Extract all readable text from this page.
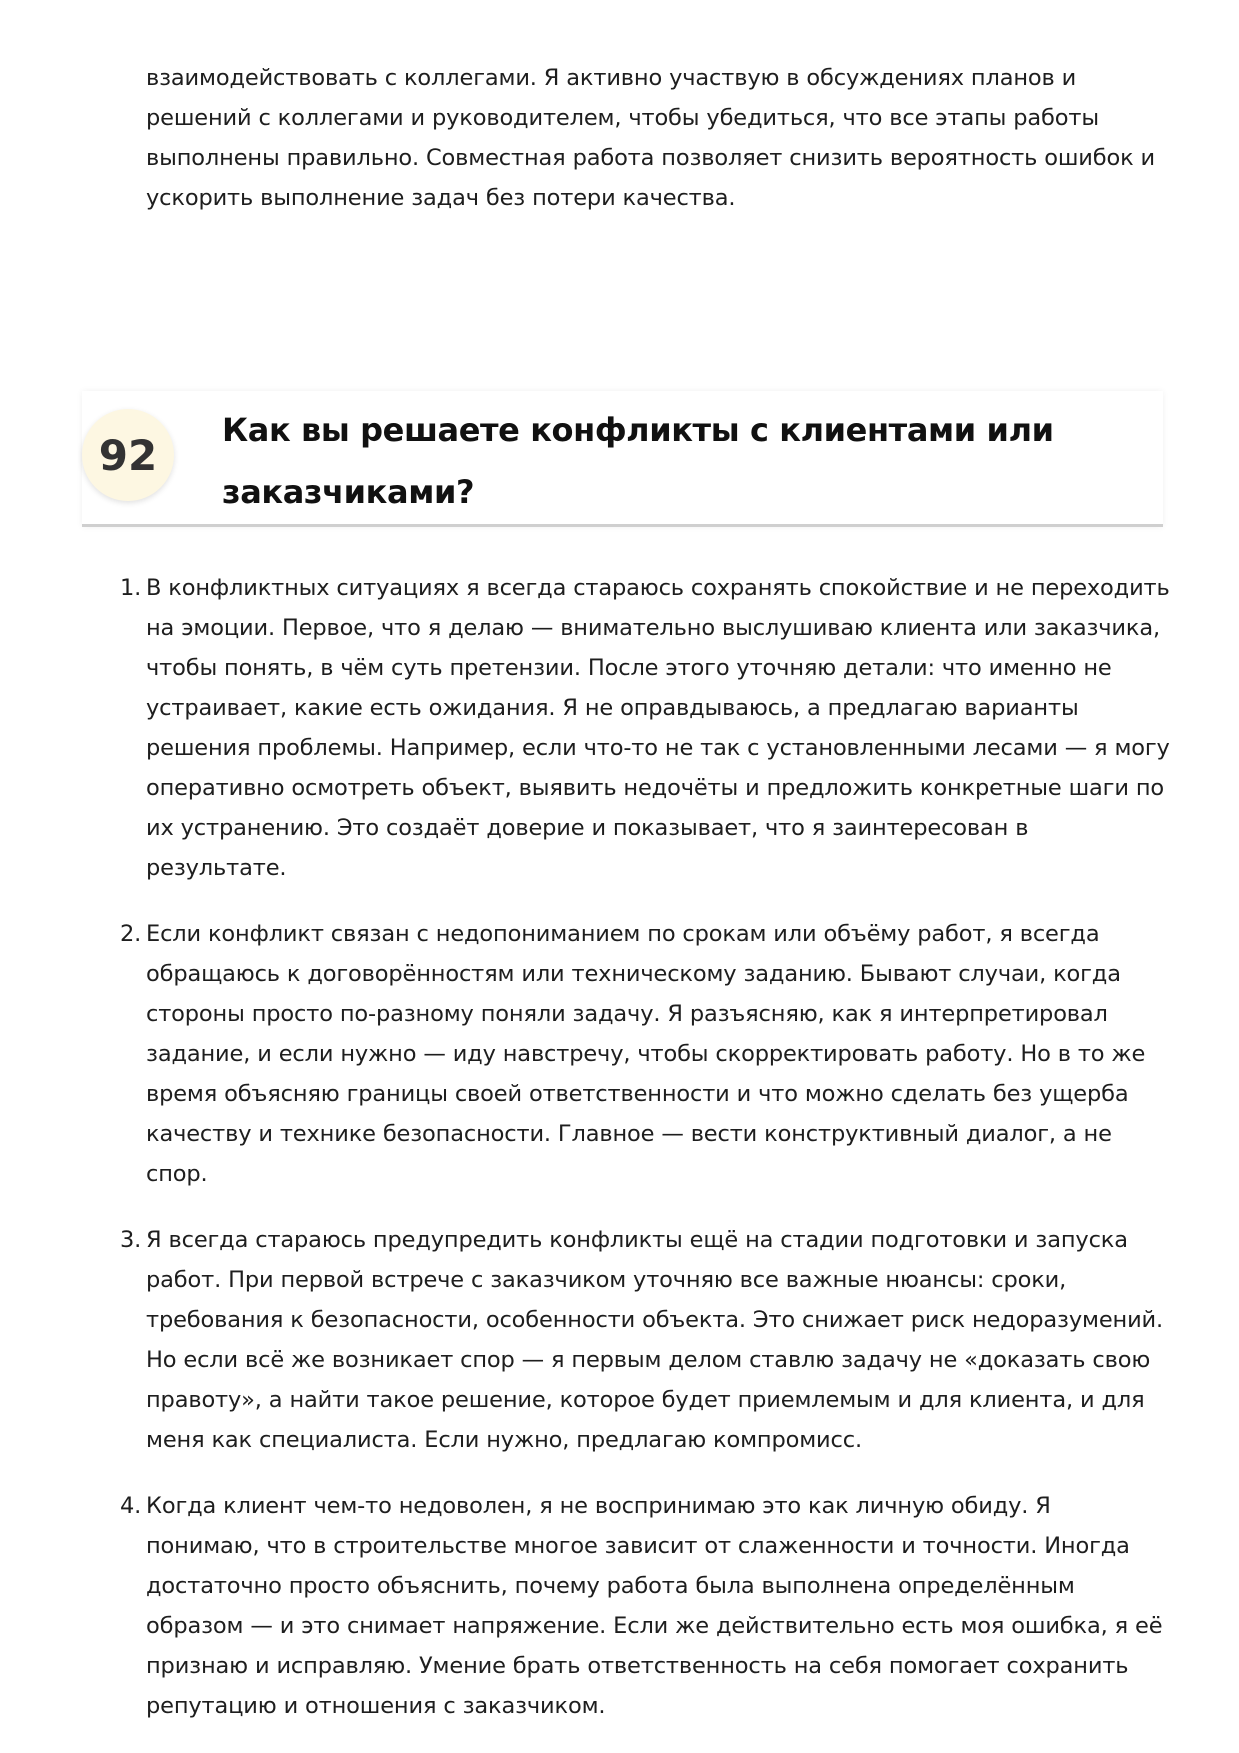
взаимодействовать с коллегами. Я активно участвую в обсуждениях планов и решений с коллегами и руководителем, чтобы убедиться, что все этапы работы выполнены правильно. Совместная работа позволяет снизить вероятность ошибок и ускорить выполнение задач без потери качества.

92
Как вы решаете конфликты с клиентами или заказчиками?
1. В конфликтных ситуациях я всегда стараюсь сохранять спокойствие и не переходить на эмоции. Первое, что я делаю — внимательно выслушиваю клиента или заказчика, чтобы понять, в чём суть претензии. После этого уточняю детали: что именно не устраивает, какие есть ожидания. Я не оправдываюсь, а предлагаю варианты решения проблемы. Например, если что-то не так с установленными лесами — я могу оперативно осмотреть объект, выявить недочёты и предложить конкретные шаги по их устранению. Это создаёт доверие и показывает, что я заинтересован в результате.
2. Если конфликт связан с недопониманием по срокам или объёму работ, я всегда обращаюсь к договорённостям или техническому заданию. Бывают случаи, когда стороны просто по-разному поняли задачу. Я разъясняю, как я интерпретировал задание, и если нужно — иду навстречу, чтобы скорректировать работу. Но в то же время объясняю границы своей ответственности и что можно сделать без ущерба качеству и технике безопасности. Главное — вести конструктивный диалог, а не спор.
3. Я всегда стараюсь предупредить конфликты ещё на стадии подготовки и запуска работ. При первой встрече с заказчиком уточняю все важные нюансы: сроки, требования к безопасности, особенности объекта. Это снижает риск недоразумений. Но если всё же возникает спор — я первым делом ставлю задачу не «доказать свою правоту», а найти такое решение, которое будет приемлемым и для клиента, и для меня как специалиста. Если нужно, предлагаю компромисс.
4. Когда клиент чем-то недоволен, я не воспринимаю это как личную обиду. Я понимаю, что в строительстве многое зависит от слаженности и точности. Иногда достаточно просто объяснить, почему работа была выполнена определённым образом — и это снимает напряжение. Если же действительно есть моя ошибка, я её признаю и исправляю. Умение брать ответственность на себя помогает сохранить репутацию и отношения с заказчиком.
